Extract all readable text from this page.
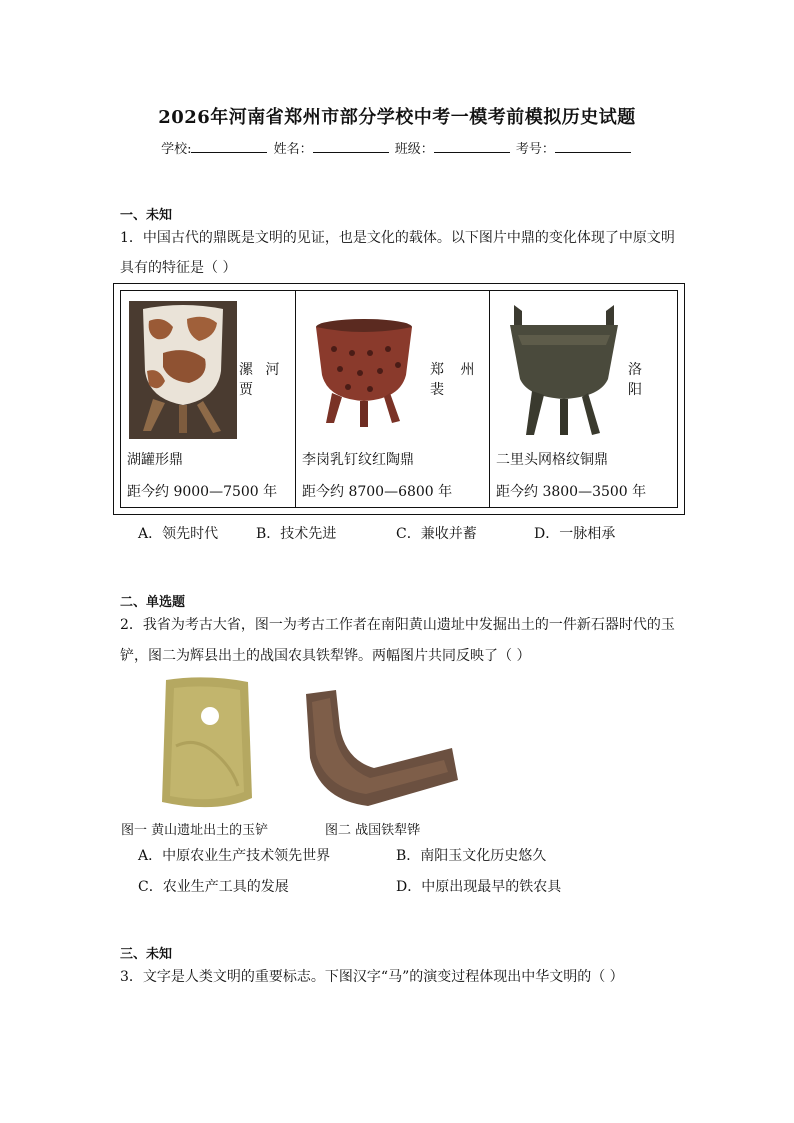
2026年河南省郑州市部分学校中考一模考前模拟历史试题
学校:	姓名：	班级：	考号：
一、未知
1．中国古代的鼎既是文明的见证，也是文化的载体。以下图片中鼎的变化体现了中原文明
具有的特征是（ ）
漯 河 贾
湖罐形鼎
距今约 9000—7500 年
郑 州 裴
李岗乳钉纹红陶鼎
距今约 8700—6800 年
洛 阳
二里头网格纹铜鼎
距今约 3800—3500 年
A．领先时代	B．技术先进	C．兼收并蓄	D．一脉相承
二、单选题
2．我省为考古大省，图一为考古工作者在南阳黄山遗址中发掘出土的一件新石器时代的玉
铲，图二为辉县出土的战国农具铁犁铧。两幅图片共同反映了（ ）
图一 黄山遗址出土的玉铲	图二 战国铁犁铧
A．中原农业生产技术领先世界	B．南阳玉文化历史悠久
C．农业生产工具的发展	D．中原出现最早的铁农具
三、未知
3．文字是人类文明的重要标志。下图汉字“马”的演变过程体现出中华文明的（ ）
